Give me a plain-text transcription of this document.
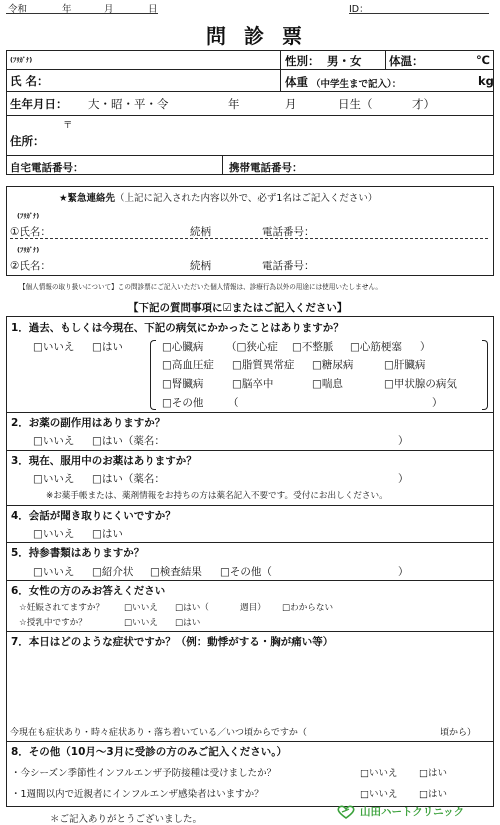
令和	年	月	日	ID：
問診票
(ﾌﾘｶﾞﾅ)
氏 名：
性別： 男・女 体温：	℃
体重 （中学生まで記入）：	kg
生年月日： 大・昭・平・令	年	月	日生（	才）
〒
住所：
自宅電話番号：	携帯電話番号：
★緊急連絡先（上記に記入された内容以外で、必ず1名はご記入ください）
(ﾌﾘｶﾞﾅ)
①氏名：	続柄	電話番号：
(ﾌﾘｶﾞﾅ)
②氏名：	続柄	電話番号：
【個人情報の取り扱いについて】この問診票にご記入いただいた個人情報は、診療行為以外の用途には使用いたしません。
【下記の質問事項に☑またはご記入ください】
1．過去、もしくは今現在、下記の病気にかかったことはありますか？
□いいえ □はい	□心臓病 （□狭心症 □不整脈 □心筋梗塞 ）
□高血圧症 □脂質異常症 □糖尿病	□肝臓病
□腎臓病	□脳卒中	□喘息	□甲状腺の病気
□その他 （	）
2．お薬の副作用はありますか？
□いいえ □はい（薬名：	）
3．現在、服用中のお薬はありますか？
□いいえ □はい（薬名：	）
※お薬手帳または、薬剤情報をお持ちの方は薬名記入不要です。受付にお出しください。
4．会話が聞き取りにくいですか？
□いいえ □はい
5．持参書類はありますか？
□いいえ □紹介状 □検査結果 □その他（	）
6．女性の方のみお答えください
☆妊娠されてますか？ □いいえ □はい（	週目） □わからない
☆授乳中ですか？	□いいえ □はい
7．本日はどのような症状ですか？（例：動悸がする・胸が痛い等）
今現在も症状あり・時々症状あり・落ち着いている／いつ頃からですか（	頃から）
8．その他（10月～3月に受診の方のみご記入ください。）
・今シーズン季節性インフルエンザ予防接種は受けましたか？	□いいえ □はい
・1週間以内で近親者にインフルエンザ感染者はいますか？	□いいえ □はい
＊ご記入ありがとうございました。
山田ハートクリニック
